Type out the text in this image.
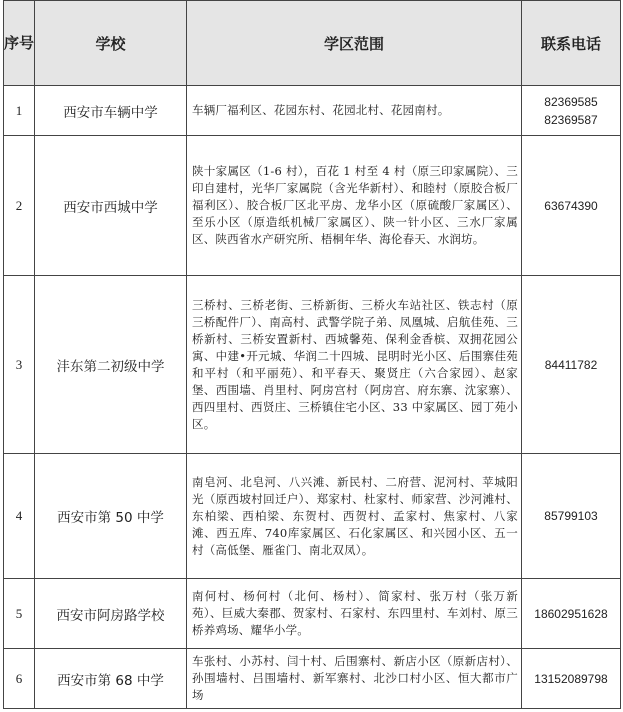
序号	学校	学区范围	联系电话
1	西安市车辆中学	车辆厂福利区、花园东村、花园北村、花园南村。	82369585
82369587

2	西安市西城中学	陕十家属区（1-6 村），百花 1 村至 4 村（原三印家属院）、三印自建村，光华厂家属院（含光华新村）、和睦村（原胶合板厂福利区）、胶合板厂区北平房、龙华小区（原硫酸厂家属区）、至乐小区（原造纸机械厂家属区）、陕一针小区、三水厂家属区、陕西省水产研究所、梧桐年华、海伦春天、水润坊。	63674390

3	沣东第二初级中学	三桥村、三桥老街、三桥新街、三桥火车站社区、铁志村（原三桥配件厂）、南高村、武警学院子弟、凤凰城、启航佳苑、三桥新村、三桥安置新村、西城馨苑、保利金香槟、双拥花园公寓、中建•开元城、华润二十四城、昆明时光小区、后围寨佳苑和平村（和平丽苑）、和平春天、聚贤庄（六合家园）、赵家堡、西围墙、肖里村、阿房宫村（阿房宫、府东寨、沈家寨）、西四里村、西贤庄、三桥镇住宅小区、33 中家属区、园丁苑小区。	84411782

4	西安市第 50 中学	南皂河、北皂河、八兴滩、新民村、二府营、泥河村、苹城阳光（原西坡村回迁户）、郑家村、杜家村、师家营、沙河滩村、东柏梁、西柏梁、东贺村、西贺村、孟家村、焦家村、八家滩、西五库、740库家属区、石化家属区、和兴园小区、五一村（高低堡、雁雀门、南北双凤）。	85799103

5	西安市阿房路学校	南何村、杨何村（北何、杨村）、简家村、张万村（张万新苑）、巨威大秦郡、贺家村、石家村、东四里村、车刘村、原三桥养鸡场、耀华小学。	18602951628

6	西安市第 68 中学	车张村、小苏村、闫十村、后围寨村、新店小区（原新店村）、孙围墙村、吕围墙村、新军寨村、北沙口村小区、恒大都市广场	13152089798
